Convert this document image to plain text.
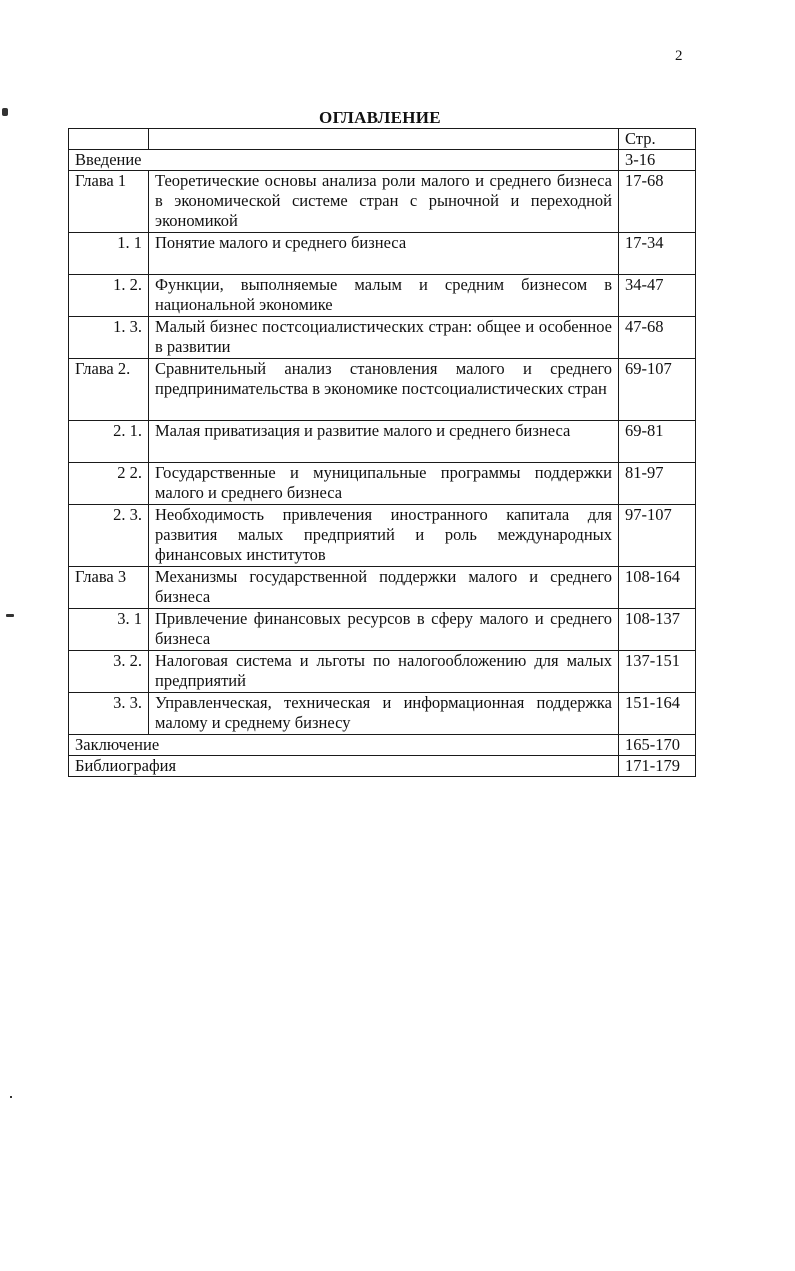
2
ОГЛАВЛЕНИЕ
		Стр.
Введение		3-16
Глава 1	Теоретические основы анализа роли малого и среднего бизнеса в экономической системе стран с рыночной и переходной экономикой	17-68
1. 1	Понятие малого и среднего бизнеса	17-34
1. 2.	Функции, выполняемые малым и средним бизнесом в национальной экономике	34-47
1. 3.	Малый бизнес постсоциалистических стран: общее и особенное в развитии	47-68
Глава 2.	Сравнительный анализ становления малого и среднего предпринимательства в экономике постсоциалистических стран	69-107
2. 1.	Малая приватизация и развитие малого и среднего бизнеса	69-81
2 2.	Государственные и муниципальные программы поддержки малого и среднего бизнеса	81-97
2. 3.	Необходимость привлечения иностранного капитала для развития малых предприятий и роль международных финансовых институтов	97-107
Глава 3	Механизмы государственной поддержки малого и среднего бизнеса	108-164
3. 1	Привлечение финансовых ресурсов в сферу малого и среднего бизнеса	108-137
3. 2.	Налоговая система и льготы по налогообложению для малых предприятий	137-151
3. 3.	Управленческая, техническая и информационная поддержка малому и среднему бизнесу	151-164
Заключение		165-170
Библиография		171-179
